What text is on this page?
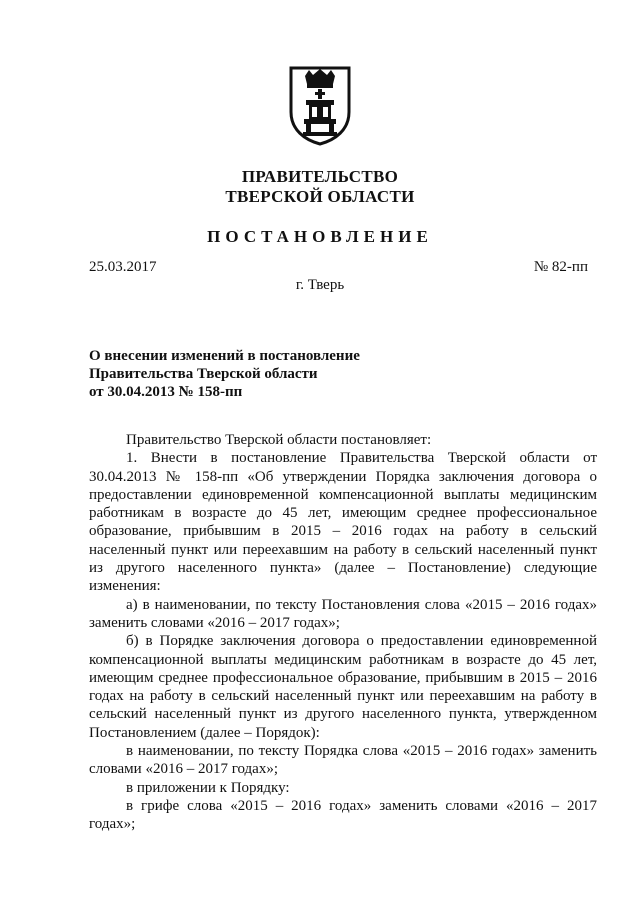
ПРАВИТЕЛЬСТВО
ТВЕРСКОЙ ОБЛАСТИ
ПОСТАНОВЛЕНИЕ
25.03.2017	№ 82-пп
г. Тверь
О внесении изменений в постановление
Правительства Тверской области
от 30.04.2013 № 158-пп

Правительство Тверской области постановляет:

1. Внести в постановление Правительства Тверской области от 30.04.2013 № 158-пп «Об утверждении Порядка заключения договора о предоставлении единовременной компенсационной выплаты медицинским работникам в возрасте до 45 лет, имеющим среднее профессиональное образование, прибывшим в 2015 – 2016 годах на работу в сельский населенный пункт или переехавшим на работу в сельский населенный пункт из другого населенного пункта» (далее – Постановление) следующие изменения:

а) в наименовании, по тексту Постановления слова «2015 – 2016 годах» заменить словами «2016 – 2017 годах»;

б) в Порядке заключения договора о предоставлении единовременной компенсационной выплаты медицинским работникам в возрасте до 45 лет, имеющим среднее профессиональное образование, прибывшим в 2015 – 2016 годах на работу в сельский населенный пункт или переехавшим на работу в сельский населенный пункт из другого населенного пункта, утвержденном Постановлением (далее – Порядок):

в наименовании, по тексту Порядка слова «2015 – 2016 годах» заменить словами «2016 – 2017 годах»;

в приложении к Порядку:

в грифе слова «2015 – 2016 годах» заменить словами «2016 – 2017 годах»;
